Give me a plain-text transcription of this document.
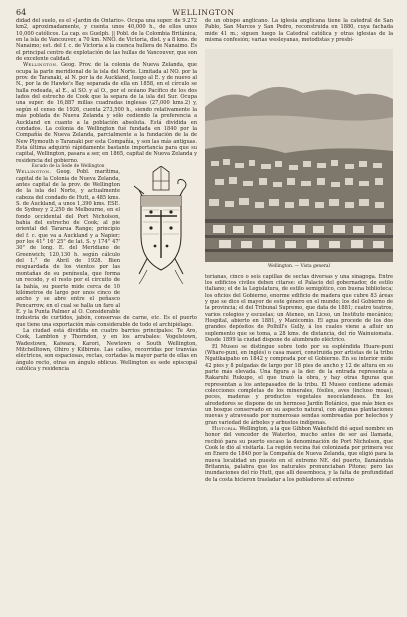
64	WELLINGTON

didad del suelo, es el «Jardín de Ontario». Ocupa una super. de 9.272 km2, aproximadamente, y cuenta unos 40,000 h., de ellos unos 10,000 católicos. La cap. es Guelph. || Pobl. de la Colombia Británica, en la isla de Vancouver, a 70 km. NNO. de Victoria, dist. y a 8 kms. de Nanaimo; est. del f. c. de Victoria a la cuenca hullera de Nanaimo. Es el principal centro de explotación de las hullas de Vancouver, que son de excelente calidad.

Wellington. Geog. Prov. de la colonia de Nueva Zelanda, que ocupa la parte meridional de la isla del Norte. Limitada al NO. por la prov. de Taranaki, al N. por la de Auckland, luego al E. y de nuevo al N., por la de Hawke's Bay separada de ella en 1858, en el círculo se halla rodeada, al E., al SO. y al O., por el océano Pacífico de los dos lados del estrecho de Cook que la separa de la isla del Sur. Ocupa una super. de 16,887 millas cuadradas inglesas (27,000 kms.2) y, según el censo de 1926, cuenta 273,500 h., siendo relativamente la más poblada de Nueva Zelanda y sólo cediendo la preferencia a Auckland en cuanto a la población absoluta. Está dividida en condados. La colonia de Wellington fué fundada en 1840 por la Compañía de Nueva Zelanda, parcialmente a la fundación de la de New Plymouth o Taranaki por esta Compañía, y son las más antiguas. Esta última adquirió rápidamente bastante importancia para que su capital, Wellington, pasara a ser, en 1865, capital de Nueva Zelanda y residencia del gobierno.

Escudo de la Sede de Wellington
Wellington. Geog. Pobl. marítima, capital de la Colonia de Nueva Zelanda, antes capital de la prov. de Wellington de la isla del Norte, y actualmente cabeza del condado de Hutt, a 485 kms. S. de Auckland, a unos 1,390 kms. ESE. de Sydney y 2,250 de Melbourne, en el fondo occidental del Port Nicholson, bahía del estrecho de Cook; al pie oriental del Tararua Range; principio del f. c. que va a Auckland y a Napier; por los 41° 16' 25" de lat. S. y 174° 47' 30" de long. E. del Meridiano de Greenwich; 120,130 h. según cálculo del 1.° de Abril de 1928. Bien resguardada de los vientos por las montañas de su península, que forma un recodo, y el resto por el circuito de la bahía, su puerto mide cerca de 10 kilómetros de largo por unos cinco de ancho y se abre entre el peñasco Pencarrow, en el cual se halla un faro al E. y la Punta Palmer al O. Considerable industria de curtidos, jabón, conservas de carne, etc. Es el puerto que tiene una exportación más considerable de todo el archipiélago.

La ciudad está dividida en cuatro barrios principales: Te Aro, Cook, Lambton y Thorndon, y en los arrabales: Vogelstown, Wadestown, Kaiwara, Karori, Newtown o South Wellington, Mitchelltown, Ohiro y Kilbirnie. Las calles, recorridas por tranvías eléctricos, son espaciosas, rectas, cortadas la mayor parte de ellas en ángulo recto, otras en ángulo oblicuo. Wellington es sede episcopal católica y residencia

de un obispo anglicano. La iglesia anglicana tiene la catedral de San Pablo, San Marcos y San Pedro, reconstruida en 1880, cuya fachada mide 41 m.; siguen luego la Catedral católica y otras iglesias de la misma confesión; varias wesleyanas, metodistas y presbi-

Wellington. — Vista general

terianas, cinco o seis capillas de sectas diversas y una sinagoga. Entre los edificios civiles deben citarse: el Palacio del gobernador, de estilo italiano; el de la Legislatura, de estilo semigótico, con buena biblioteca; los oficios del Gobierno, enorme edificio de madera que cubre 83 áreas y que se dice el mayor de este género en el mundo; los del Gobierno de la provincia; el del Tribunal Supremo, que data de 1881; cuatro teatros, varios colegios y escuelas; un Ateneo, un Liceo, un Instituto mecánico; Hospital, abierto en 1881, y Manicomio. El agua procede de los dos grandes depósitos de Polhill's Gully, á los cuales viene a afluir un suplemento que se toma, a 28 kms. de distancia, del río Wainuiomata. Desde 1899 la ciudad dispone de alumbrado eléctrico.

El Museo se distingue sobre todo por su espléndida Huare-puni (Whare-puni, en inglés) o casa maorí, construida por artistas de la tribu Ngatikaipaho en 1842 y comprada por el Gobierno. En su interior mide 42 pies y 8 pulgadas de largo por 18 pies de ancho y 12 de altura en su parte más elevada. Una figura a la der. de la entrada representa a Rakaruhi Rukupo, el que trazó la obra, y hay otras figuras que representan a los antepasados de la tribu. El Museo contiene además colecciones completas de los minerales, fósiles, aves (incluso moas), peces, maderas y productos vegetales neocelandeses. En los alrededores se dispone de un hermoso Jardín Botánico, que más bien es un bosque conservado en su aspecto natural, con algunas plantaciones nuevas y atravesado por numerosas sendas sombreadas por helechos y gran variedad de árboles y arbustos indígenas.

Historia. Wellington, a la que Gibbon Wakefield dió aquel nombre en honor del vencedor de Waterloo, mucho antes de ser así llamada, recibió para su puerto escaso la denominación de Port Nicholson, que Cook le dió al visitarla. La región vecina fué colonizada por primera vez en Enero de 1840 por la Compañía de Nueva Zelanda, que eligió para la nueva localidad un puesto en el extremo NE. del puerto, llamándola Britannia, palabra que los naturales pronunciaban Pitone; pero las inundaciones del río Hutt, que allí desemboca, y la falta de profundidad de la costa hicieron trasladar a los pobladores al extremo
